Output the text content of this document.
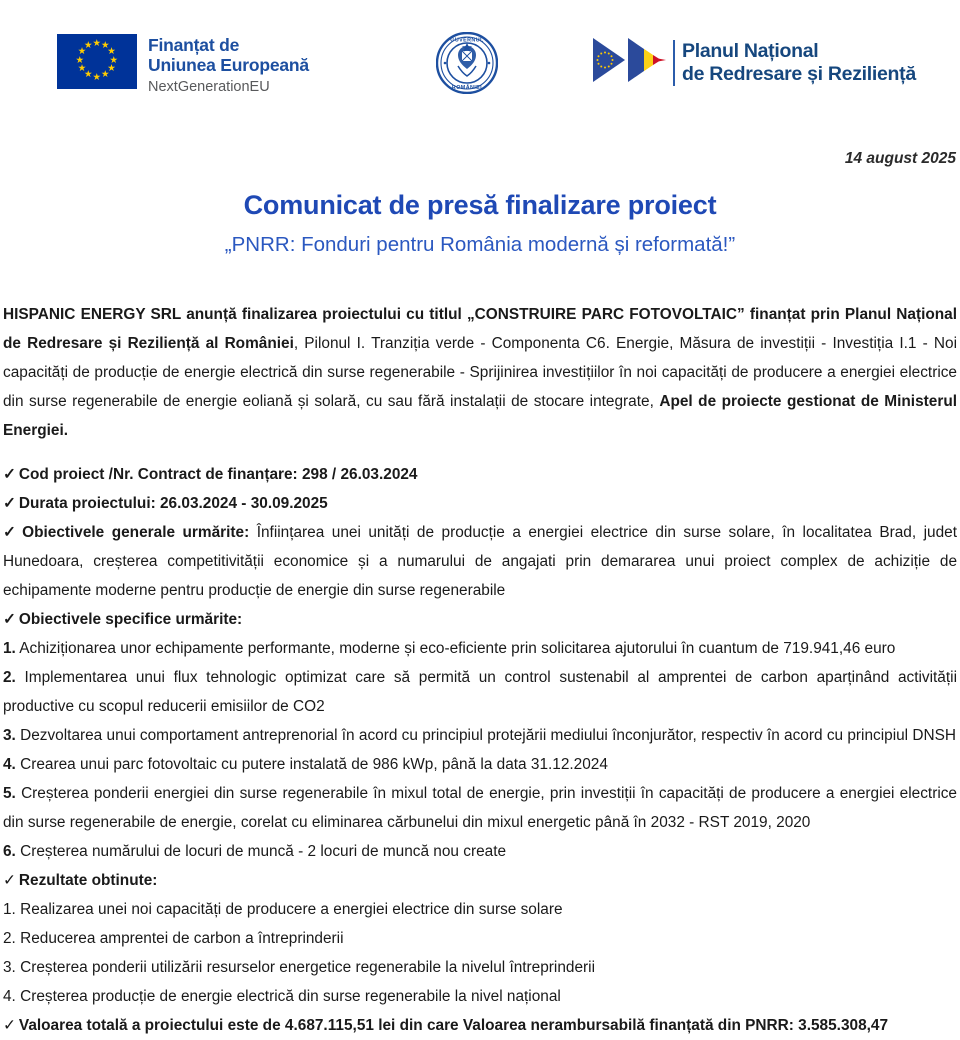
★ ★
★
★
★
★
★
★
★
★
★
★	Finanțat de
Uniunea Europeană
NextGenerationEU
GUVERNUL
ROMÂNIEI
Planul Național
de Redresare și Reziliență
14 august 2025
Comunicat de presă finalizare proiect
„PNRR: Fonduri pentru România modernă și reformată!”

HISPANIC ENERGY SRL anunță finalizarea proiectului cu titlul „CONSTRUIRE PARC FOTOVOLTAIC” finanțat prin Planul Național de Redresare și Reziliență al României, Pilonul I. Tranziția verde - Componenta C6. Energie, Măsura de investiții - Investiția I.1 - Noi capacități de producție de energie electrică din surse regenerabile - Sprijinirea investițiilor în noi capacități de producere a energiei electrice din surse regenerabile de energie eoliană și solară, cu sau fără instalații de stocare integrate, Apel de proiecte gestionat de Ministerul Energiei.

✓ Cod proiect /Nr. Contract de finanțare: 298 / 26.03.2024

✓ Durata proiectului: 26.03.2024 - 30.09.2025

✓ Obiectivele generale urmărite: Înființarea unei unități de producție a energiei electrice din surse solare, în localitatea Brad, judet Hunedoara, creșterea competitivității economice și a numarului de angajati prin demararea unui proiect complex de achiziție de echipamente moderne pentru producție de energie din surse regenerabile

✓ Obiectivele specifice urmărite:

1. Achiziționarea unor echipamente performante, moderne și eco-eficiente prin solicitarea ajutorului în cuantum de 719.941,46 euro

2. Implementarea unui flux tehnologic optimizat care să permită un control sustenabil al amprentei de carbon aparținând activității productive cu scopul reducerii emisiilor de CO2

3. Dezvoltarea unui comportament antreprenorial în acord cu principiul protejării mediului înconjurător, respectiv în acord cu principiul DNSH

4. Crearea unui parc fotovoltaic cu putere instalată de 986 kWp, până la data 31.12.2024

5. Creșterea ponderii energiei din surse regenerabile în mixul total de energie, prin investiții în capacități de producere a energiei electrice din surse regenerabile de energie, corelat cu eliminarea cărbunelui din mixul energetic până în 2032 - RST 2019, 2020

6. Creșterea numărului de locuri de muncă - 2 locuri de muncă nou create

✓ Rezultate obtinute:

1. Realizarea unei noi capacități de producere a energiei electrice din surse solare

2. Reducerea amprentei de carbon a întreprinderii

3. Creșterea ponderii utilizării resurselor energetice regenerabile la nivelul întreprinderii

4. Creșterea producție de energie electrică din surse regenerabile la nivel național

✓ Valoarea totală a proiectului este de 4.687.115,51 lei din care Valoarea nerambursabilă finanțată din PNRR: 3.585.308,47
